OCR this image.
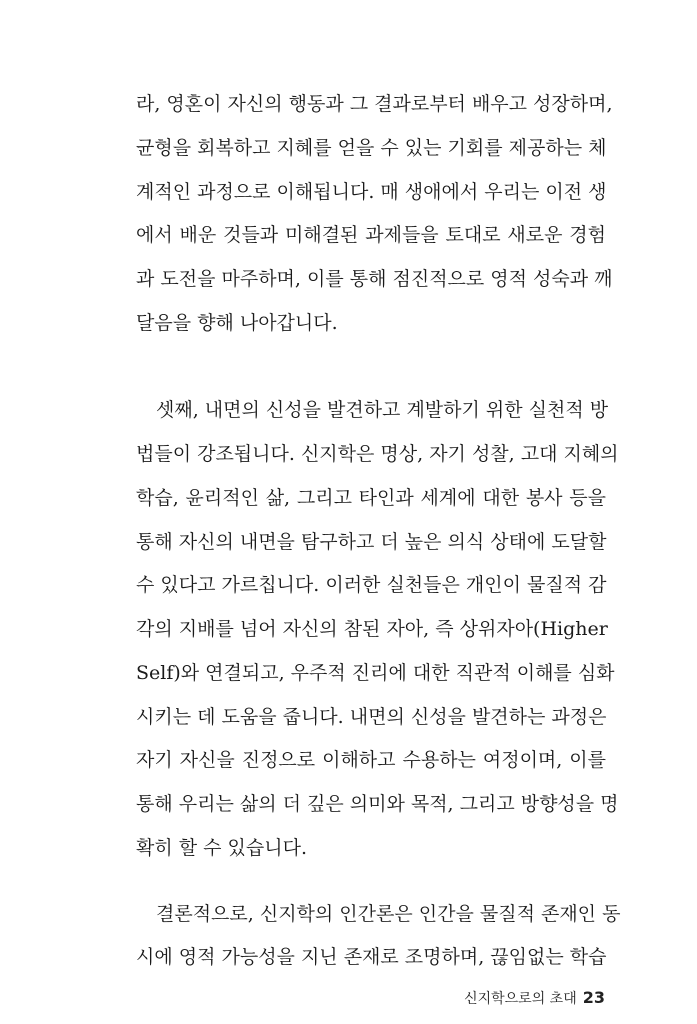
라, 영혼이 자신의 행동과 그 결과로부터 배우고 성장하며,
균형을 회복하고 지혜를 얻을 수 있는 기회를 제공하는 체
계적인 과정으로 이해됩니다. 매 생애에서 우리는 이전 생
에서 배운 것들과 미해결된 과제들을 토대로 새로운 경험
과 도전을 마주하며, 이를 통해 점진적으로 영적 성숙과 깨
달음을 향해 나아갑니다.
셋째, 내면의 신성을 발견하고 계발하기 위한 실천적 방
법들이 강조됩니다. 신지학은 명상, 자기 성찰, 고대 지혜의
학습, 윤리적인 삶, 그리고 타인과 세계에 대한 봉사 등을
통해 자신의 내면을 탐구하고 더 높은 의식 상태에 도달할
수 있다고 가르칩니다. 이러한 실천들은 개인이 물질적 감
각의 지배를 넘어 자신의 참된 자아, 즉 상위자아(Higher
Self)와 연결되고, 우주적 진리에 대한 직관적 이해를 심화
시키는 데 도움을 줍니다. 내면의 신성을 발견하는 과정은
자기 자신을 진정으로 이해하고 수용하는 여정이며, 이를
통해 우리는 삶의 더 깊은 의미와 목적, 그리고 방향성을 명
확히 할 수 있습니다.
결론적으로, 신지학의 인간론은 인간을 물질적 존재인 동
시에 영적 가능성을 지닌 존재로 조명하며, 끊임없는 학습
신지학으로의 초대 23
